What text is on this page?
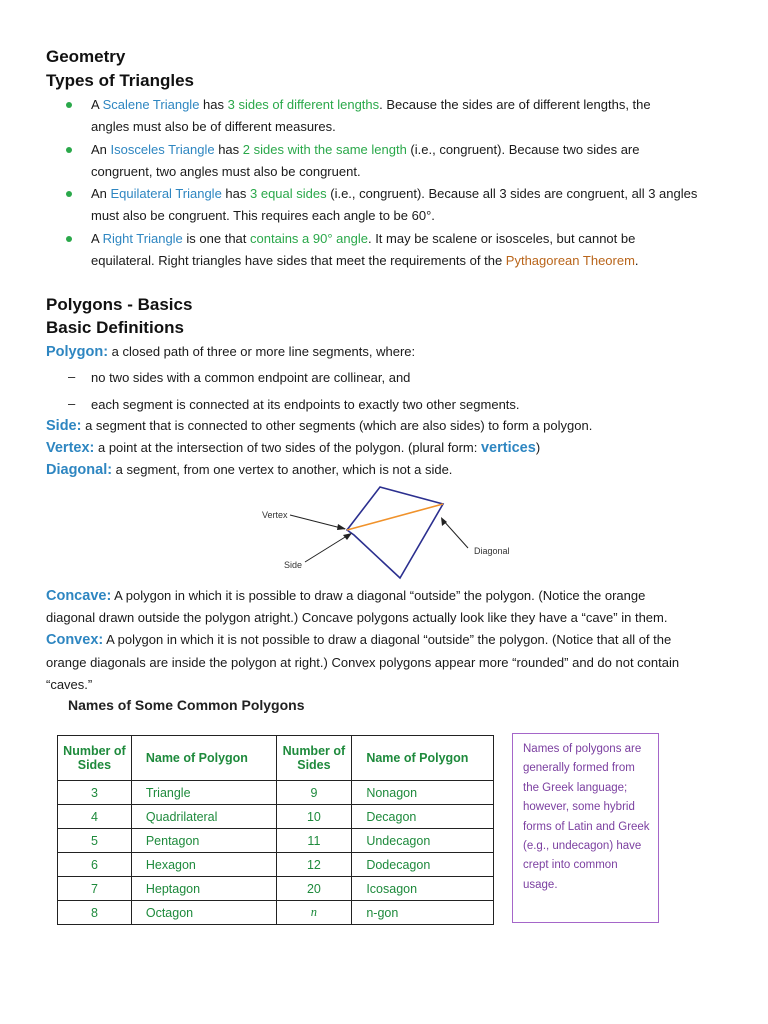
Geometry
Types of Triangles
A Scalene Triangle has 3 sides of different lengths. Because the sides are of different lengths, the
angles must also be of different measures.
An Isosceles Triangle has 2 sides with the same length (i.e., congruent). Because two sides are
congruent, two angles must also be congruent.
An Equilateral Triangle has 3 equal sides (i.e., congruent). Because all 3 sides are congruent, all 3 angles
must also be congruent. This requires each angle to be 60°.
A Right Triangle is one that contains a 90° angle. It may be scalene or isosceles, but cannot be
equilateral. Right triangles have sides that meet the requirements of the Pythagorean Theorem.
Polygons - Basics
Basic Definitions
Polygon: a closed path of three or more line segments, where:
– no two sides with a common endpoint are collinear, and
– each segment is connected at its endpoints to exactly two other segments.
Side: a segment that is connected to other segments (which are also sides) to form a polygon.
Vertex: a point at the intersection of two sides of the polygon. (plural form: vertices)
Diagonal: a segment, from one vertex to another, which is not a side.
Vertex
Side
Diagonal
Concave: A polygon in which it is possible to draw a diagonal “outside” the polygon. (Notice the orange
diagonal drawn outside the polygon atright.) Concave polygons actually look like they have a “cave” in them.
Convex: A polygon in which it is not possible to draw a diagonal “outside” the polygon. (Notice that all of the
orange diagonals are inside the polygon at right.) Convex polygons appear more “rounded” and do not contain
“caves.”
Names of Some Common Polygons
Number of Sides	Name of Polygon	Number of Sides	Name of Polygon
3	Triangle	9	Nonagon
4	Quadrilateral	10	Decagon
5	Pentagon	11	Undecagon
6	Hexagon	12	Dodecagon
7	Heptagon	20	Icosagon
8	Octagon	n	n-gon
Names of polygons are generally formed from the Greek language; however, some hybrid forms of Latin and Greek (e.g., undecagon) have crept into common usage.
